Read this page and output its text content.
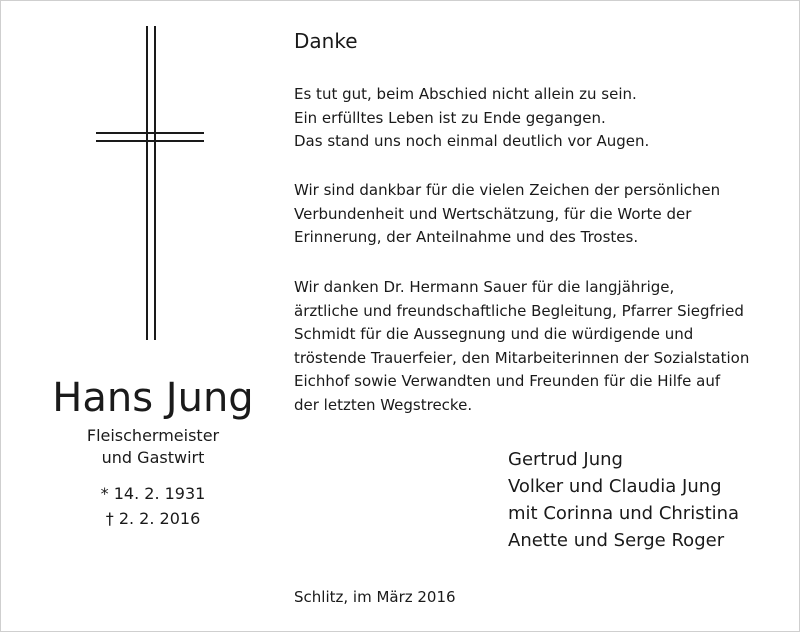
Hans Jung
Fleischermeister
und Gastwirt
* 14. 2. 1931
† 2. 2. 2016
Danke
Es tut gut, beim Abschied nicht allein zu sein.
Ein erfülltes Leben ist zu Ende gegangen.
Das stand uns noch einmal deutlich vor Augen.
Wir sind dankbar für die vielen Zeichen der persönlichen
Verbundenheit und Wertschätzung, für die Worte der
Erinnerung, der Anteilnahme und des Trostes.
Wir danken Dr. Hermann Sauer für die langjährige,
ärztliche und freundschaftliche Begleitung, Pfarrer Siegfried
Schmidt für die Aussegnung und die würdigende und
tröstende Trauerfeier, den Mitarbeiterinnen der Sozialstation
Eichhof sowie Verwandten und Freunden für die Hilfe auf
der letzten Wegstrecke.
Gertrud Jung
Volker und Claudia Jung
mit Corinna und Christina
Anette und Serge Roger
Schlitz, im März 2016
